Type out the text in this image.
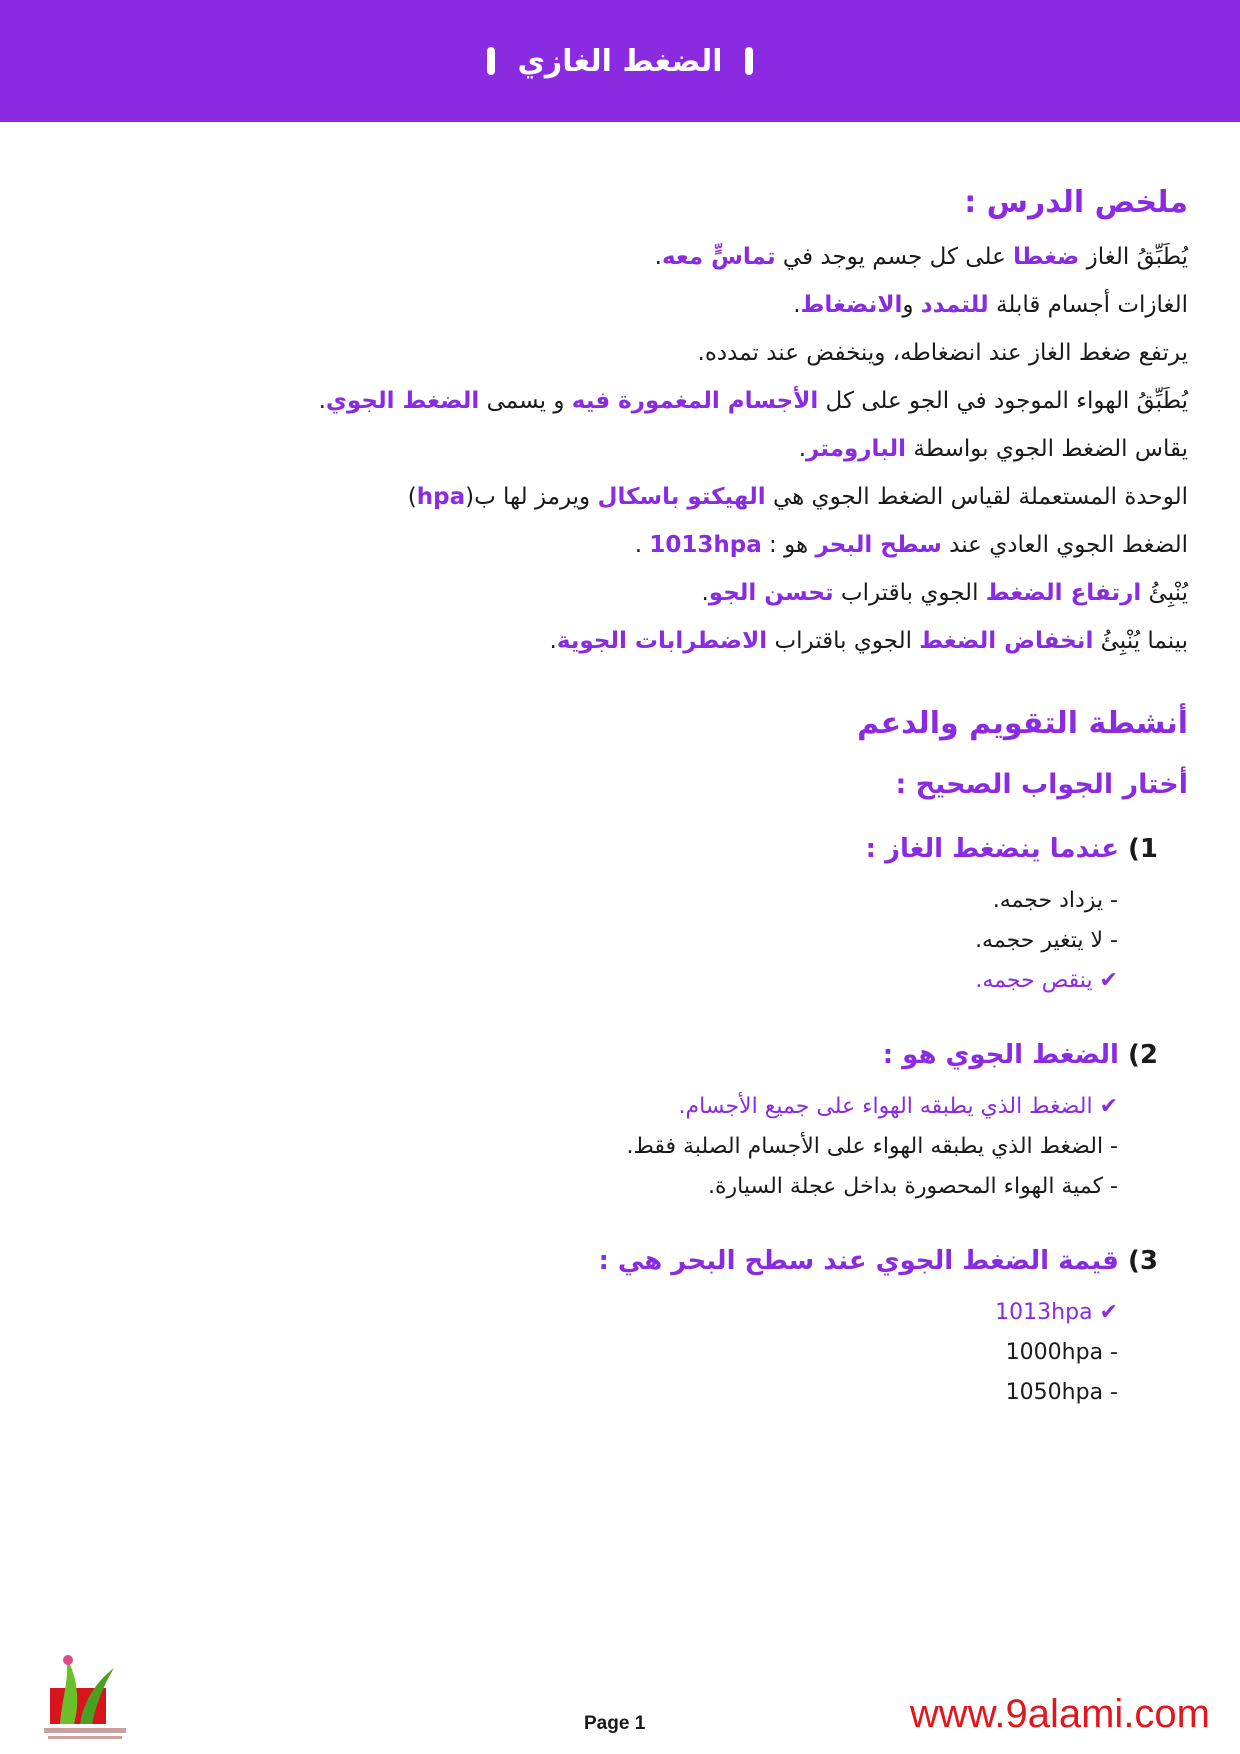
الضغط الغازي
ملخص الدرس :
يُطَبِّقُ الغاز ضغطا على كل جسم يوجد في تماسٍّ معه.
الغازات أجسام قابلة للتمدد والانضغاط.
يرتفع ضغط الغاز عند انضغاطه، وينخفض عند تمدده.
يُطَبِّقُ الهواء الموجود في الجو على كل الأجسام المغمورة فيه و يسمى الضغط الجوي.
يقاس الضغط الجوي بواسطة البارومتر.
الوحدة المستعملة لقياس الضغط الجوي هي الهيكتو باسكال ويرمز لها ب(hpa)
الضغط الجوي العادي عند سطح البحر هو : 1013hpa .
يُنْبِئُ ارتفاع الضغط الجوي باقتراب تحسن الجو.
بينما يُنْبِئُ انخفاض الضغط الجوي باقتراب الاضطرابات الجوية.
أنشطة التقويم والدعم
أختار الجواب الصحيح :
1) عندما ينضغط الغاز :
- يزداد حجمه.
- لا يتغير حجمه.
✔ ينقص حجمه.
2) الضغط الجوي هو :
✔ الضغط الذي يطبقه الهواء على جميع الأجسام.
- الضغط الذي يطبقه الهواء على الأجسام الصلبة فقط.
- كمية الهواء المحصورة بداخل عجلة السيارة.
3) قيمة الضغط الجوي عند سطح البحر هي :
✔ 1013hpa
- 1000hpa
- 1050hpa
Page 1	www.9alami.com
